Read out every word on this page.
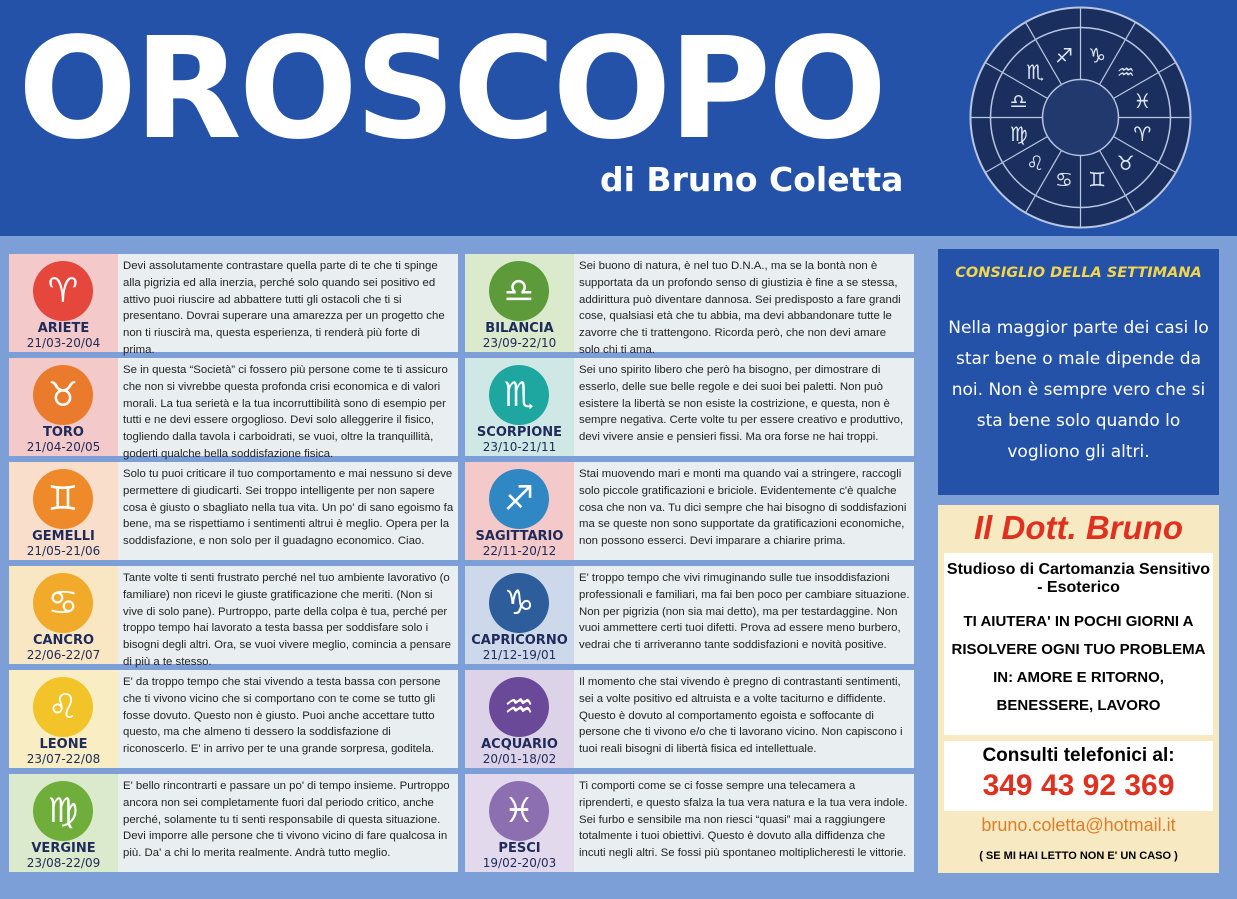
OROSCOPO
di Bruno Coletta
♈
♉
♊
♋
♌
♍
♎
♏
♐ ♑
♒
♓
♈
ARIETE
21/03-20/04
Devi assolutamente contrastare quella parte di te che ti spinge alla pigrizia ed alla inerzia, perché solo quando sei positivo ed attivo puoi riuscire ad abbattere tutti gli ostacoli che ti si presentano. Dovrai superare una amarezza per un progetto che non ti riuscirà ma, questa esperienza, ti renderà più forte di prima.
♉
TORO
21/04-20/05
Se in questa “Società” ci fossero più persone come te ti assicuro che non si vivrebbe questa profonda crisi economica e di valori morali. La tua serietà e la tua incorruttibilità sono di esempio per tutti e ne devi essere orgoglioso. Devi solo alleggerire il fisico, togliendo dalla tavola i carboidrati, se vuoi, oltre la tranquillità, goderti qualche bella soddisfazione fisica.
♊
GEMELLI
21/05-21/06
Solo tu puoi criticare il tuo comportamento e mai nessuno si deve permettere di giudicarti. Sei troppo intelligente per non sapere cosa è giusto o sbagliato nella tua vita. Un po' di sano egoismo fa bene, ma se rispettiamo i sentimenti altrui è meglio. Opera per la soddisfazione, e non solo per il guadagno economico. Ciao.
♋
CANCRO
22/06-22/07
Tante volte ti senti frustrato perché nel tuo ambiente lavorativo (o familiare) non ricevi le giuste gratificazione che meriti. (Non si vive di solo pane). Purtroppo, parte della colpa è tua, perché per troppo tempo hai lavorato a testa bassa per soddisfare solo i bisogni degli altri. Ora, se vuoi vivere meglio, comincia a pensare di più a te stesso.
♌
LEONE
23/07-22/08
E' da troppo tempo che stai vivendo a testa bassa con persone che ti vivono vicino che si comportano con te come se tutto gli fosse dovuto. Questo non è giusto. Puoi anche accettare tutto questo, ma che almeno ti dessero la soddisfazione di riconoscerlo. E' in arrivo per te una grande sorpresa, goditela.
♍
VERGINE
23/08-22/09
E' bello rincontrarti e passare un po' di tempo insieme. Purtroppo ancora non sei completamente fuori dal periodo critico, anche perché, solamente tu ti senti responsabile di questa situazione. Devi imporre alle persone che ti vivono vicino di fare qualcosa in più. Da' a chi lo merita realmente. Andrà tutto meglio.
♎
BILANCIA
23/09-22/10
Sei buono di natura, è nel tuo D.N.A., ma se la bontà non è supportata da un profondo senso di giustizia è fine a se stessa, addirittura può diventare dannosa. Sei predisposto a fare grandi cose, qualsiasi età che tu abbia, ma devi abbandonare tutte le zavorre che ti trattengono. Ricorda però, che non devi amare solo chi ti ama.
♏
SCORPIONE
23/10-21/11
Sei uno spirito libero che però ha bisogno, per dimostrare di esserlo, delle sue belle regole e dei suoi bei paletti. Non può esistere la libertà se non esiste la costrizione, e questa, non è sempre negativa. Certe volte tu per essere creativo e produttivo, devi vivere ansie e pensieri fissi. Ma ora forse ne hai troppi.
♐
SAGITTARIO
22/11-20/12
Stai muovendo mari e monti ma quando vai a stringere, raccogli solo piccole gratificazioni e briciole. Evidentemente c'è qualche cosa che non va. Tu dici sempre che hai bisogno di soddisfazioni ma se queste non sono supportate da gratificazioni economiche, non possono esserci. Devi imparare a chiarire prima.
♑
CAPRICORNO
21/12-19/01
E' troppo tempo che vivi rimuginando sulle tue insoddisfazioni professionali e familiari, ma fai ben poco per cambiare situazione. Non per pigrizia (non sia mai detto), ma per testardaggine. Non vuoi ammettere certi tuoi difetti. Prova ad essere meno burbero, vedrai che ti arriveranno tante soddisfazioni e novità positive.
♒
ACQUARIO
20/01-18/02
Il momento che stai vivendo è pregno di contrastanti sentimenti, sei a volte positivo ed altruista e a volte taciturno e diffidente. Questo è dovuto al comportamento egoista e soffocante di persone che ti vivono e/o che ti lavorano vicino. Non capiscono i tuoi reali bisogni di libertà fisica ed intellettuale.
♓
PESCI
19/02-20/03
Ti comporti come se ci fosse sempre una telecamera a riprenderti, e questo sfalza la tua vera natura e la tua vera indole. Sei furbo e sensibile ma non riesci “quasi” mai a raggiungere totalmente i tuoi obiettivi. Questo è dovuto alla diffidenza che incuti negli altri. Se fossi più spontaneo moltiplicheresti le vittorie.
CONSIGLIO DELLA SETTIMANA
Nella maggior parte dei casi lo star bene o male dipende da noi. Non è sempre vero che si sta bene solo quando lo vogliono gli altri.
Il Dott. Bruno
Studioso di Cartomanzia Sensitivo - Esoterico
TI AIUTERA' IN POCHI GIORNI A RISOLVERE OGNI TUO PROBLEMA IN: AMORE E RITORNO, BENESSERE, LAVORO
Consulti telefonici al:
349 43 92 369
bruno.coletta@hotmail.it
( SE MI HAI LETTO NON E' UN CASO )
